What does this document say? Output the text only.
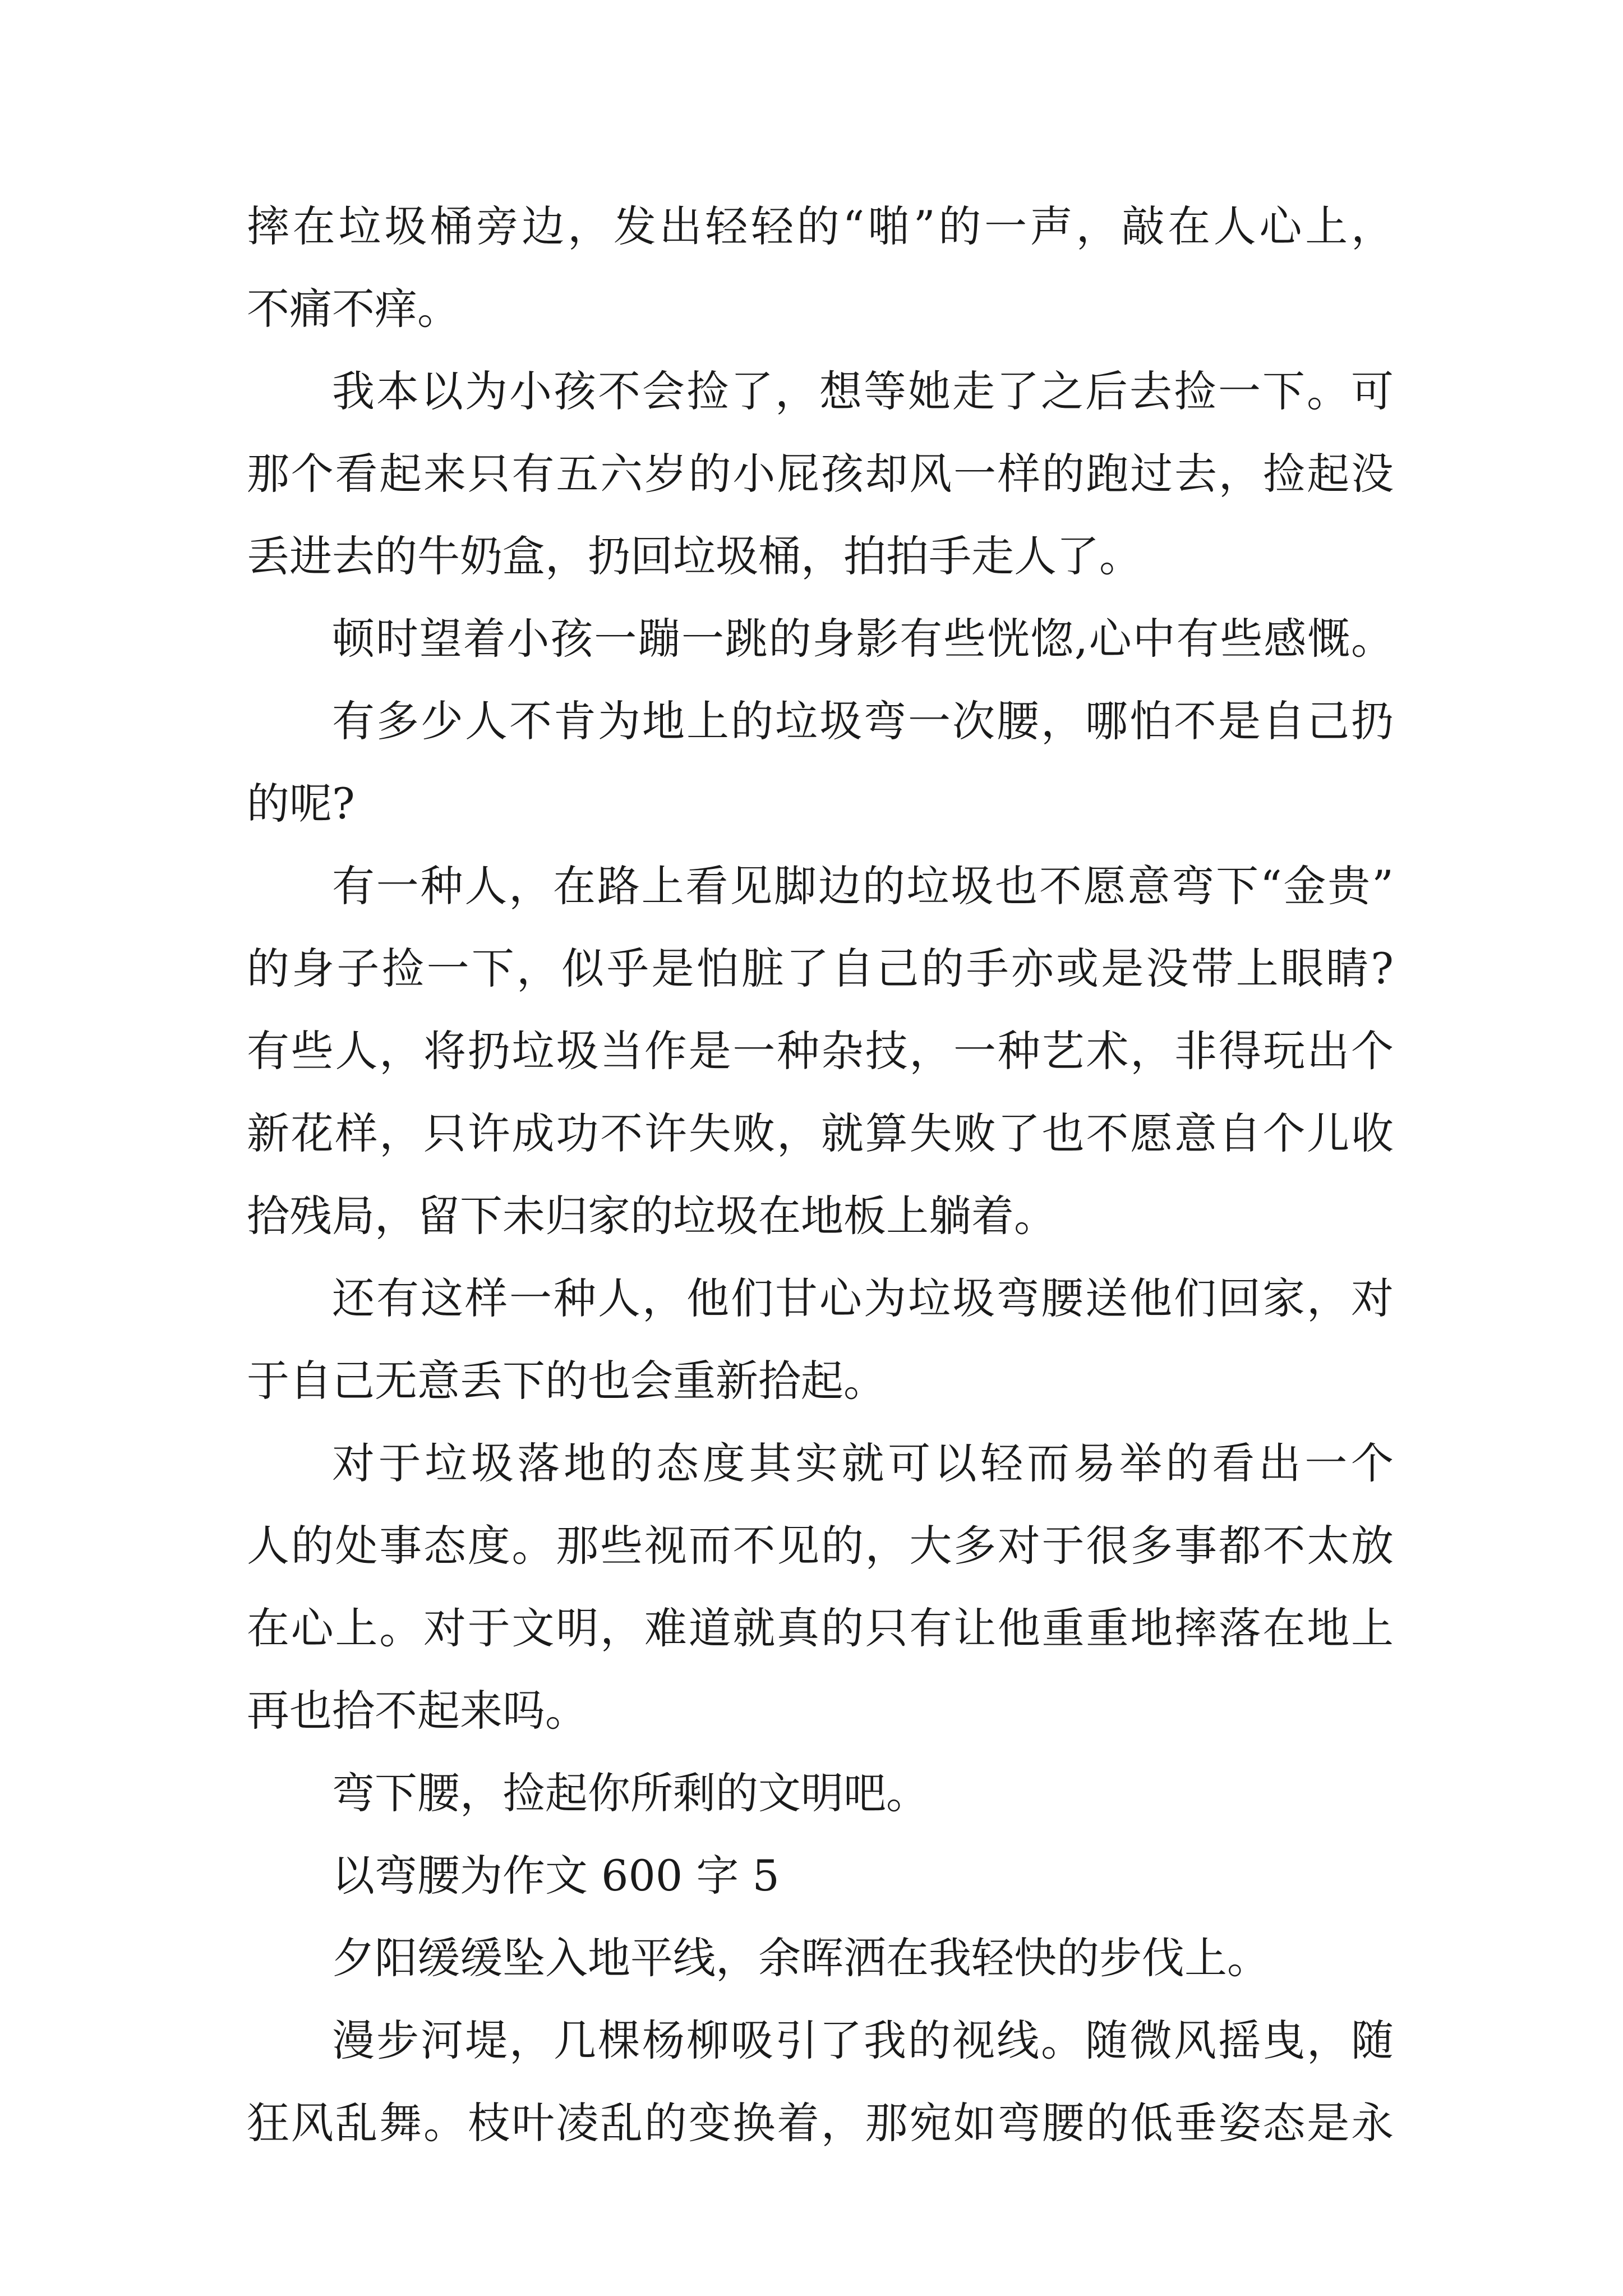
摔在垃圾桶旁边，发出轻轻的“啪”的一声，敲在人心上，
不痛不痒。
我本以为小孩不会捡了，想等她走了之后去捡一下。可
那个看起来只有五六岁的小屁孩却风一样的跑过去，捡起没
丢进去的牛奶盒，扔回垃圾桶，拍拍手走人了。
顿时望着小孩一蹦一跳的身影有些恍惚,心中有些感慨。
有多少人不肯为地上的垃圾弯一次腰，哪怕不是自己扔
的呢?
有一种人，在路上看见脚边的垃圾也不愿意弯下“金贵”
的身子捡一下，似乎是怕脏了自己的手亦或是没带上眼睛?
有些人，将扔垃圾当作是一种杂技，一种艺术，非得玩出个
新花样，只许成功不许失败，就算失败了也不愿意自个儿收
拾残局，留下未归家的垃圾在地板上躺着。
还有这样一种人，他们甘心为垃圾弯腰送他们回家，对
于自己无意丢下的也会重新拾起。
对于垃圾落地的态度其实就可以轻而易举的看出一个
人的处事态度。那些视而不见的，大多对于很多事都不太放
在心上。对于文明，难道就真的只有让他重重地摔落在地上
再也拾不起来吗。
弯下腰，捡起你所剩的文明吧。
以弯腰为作文 600 字 5
夕阳缓缓坠入地平线，余晖洒在我轻快的步伐上。
漫步河堤，几棵杨柳吸引了我的视线。随微风摇曳，随
狂风乱舞。枝叶凌乱的变换着，那宛如弯腰的低垂姿态是永
